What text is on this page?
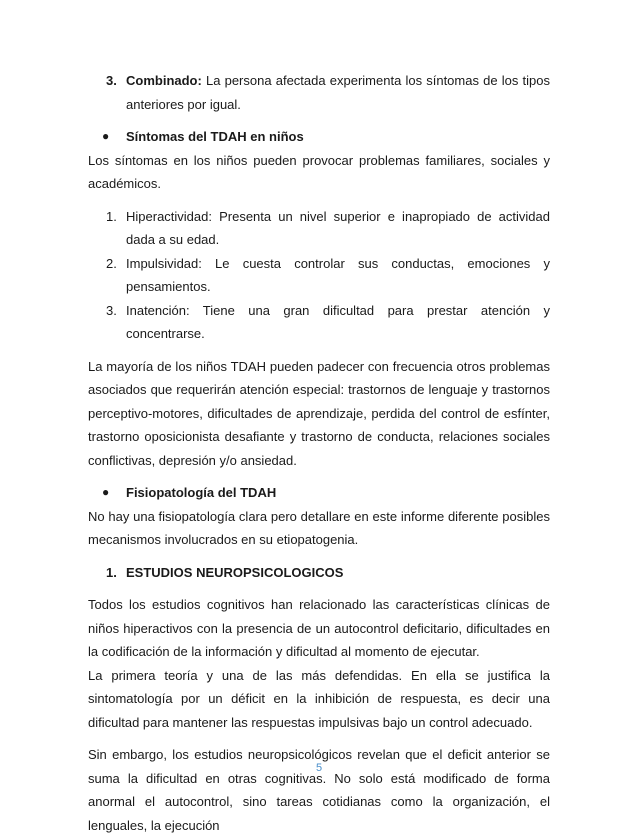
3. Combinado: La persona afectada experimenta los síntomas de los tipos anteriores por igual.
●	Síntomas del TDAH en niños

Los síntomas en los niños pueden provocar problemas familiares, sociales y académicos.

1. Hiperactividad: Presenta un nivel superior e inapropiado de actividad dada a su edad.
2. Impulsividad: Le cuesta controlar sus conductas, emociones y pensamientos.
3. Inatención: Tiene una gran dificultad para prestar atención y concentrarse.

La mayoría de los niños TDAH pueden padecer con frecuencia otros problemas asociados que requerirán atención especial: trastornos de lenguaje y trastornos perceptivo-motores, dificultades de aprendizaje, perdida del control de esfínter, trastorno oposicionista desafiante y trastorno de conducta, relaciones sociales conflictivas, depresión y/o ansiedad.

●	Fisiopatología del TDAH

No hay una fisiopatología clara pero detallare en este informe diferente posibles mecanismos involucrados en su etiopatogenia.

1. ESTUDIOS NEUROPSICOLOGICOS

Todos los estudios cognitivos han relacionado las características clínicas de niños hiperactivos con la presencia de un autocontrol deficitario, dificultades en la codificación de la información y dificultad al momento de ejecutar.

La primera teoría y una de las más defendidas. En ella se justifica la sintomatología por un déficit en la inhibición de respuesta, es decir una dificultad para mantener las respuestas impulsivas bajo un control adecuado.

Sin embargo, los estudios neuropsicológicos revelan que el deficit anterior se suma la dificultad en otras cognitivas. No solo está modificado de forma anormal el autocontrol, sino tareas cotidianas como la organización, el lenguales, la ejecución

5
